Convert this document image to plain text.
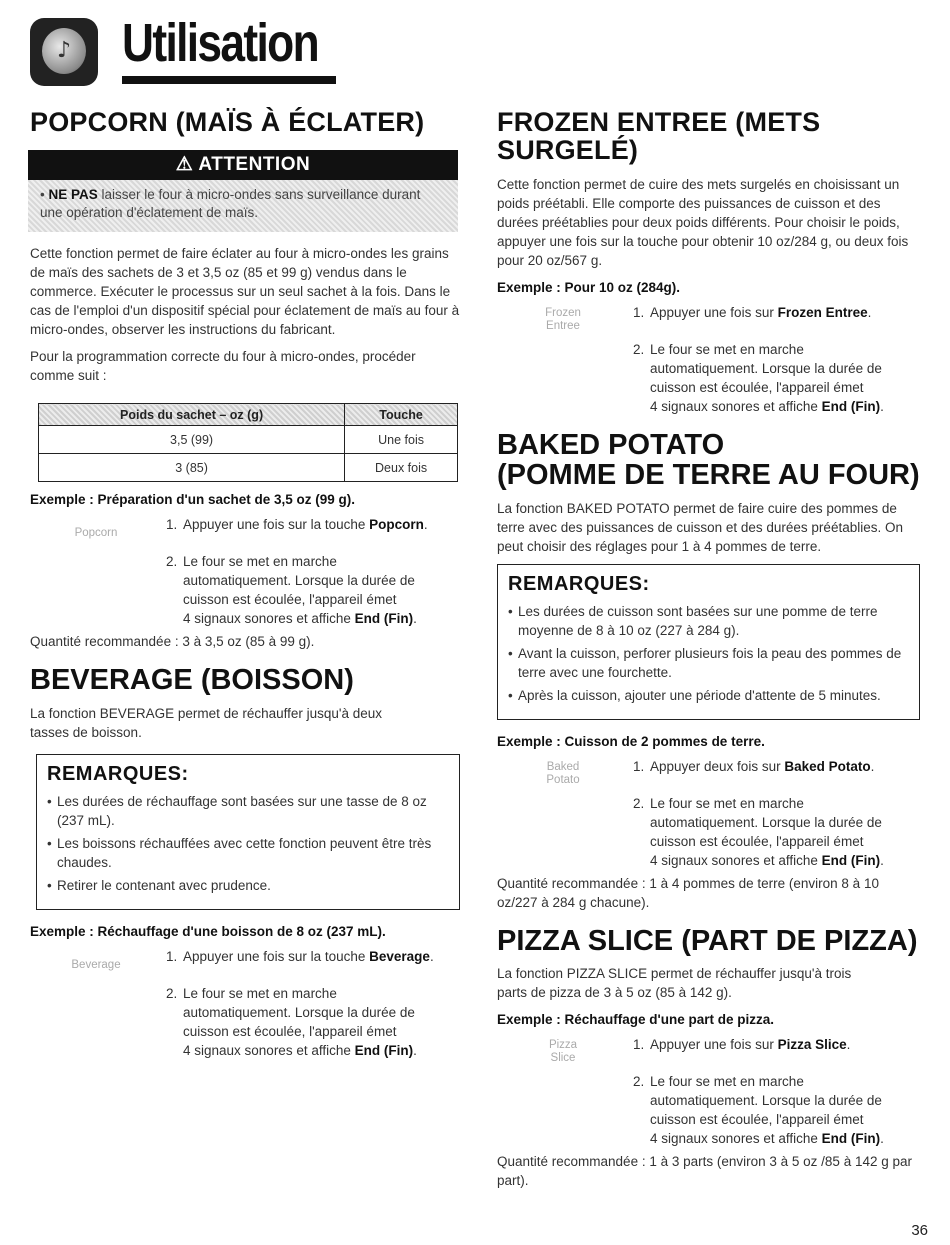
♪
Utilisation
POPCORN (MAÏS À ÉCLATER)
⚠ ATTENTION
• NE PAS laisser le four à micro-ondes sans surveillance durant une opération d'éclatement de maïs.

Cette fonction permet de faire éclater au four à micro-ondes les grains de maïs des sachets de 3 et 3,5 oz (85 et 99 g) vendus dans le commerce. Exécuter le processus sur un seul sachet à la fois. Dans le cas de l'emploi d'un dispositif spécial pour éclatement de maïs au four à micro-ondes, observer les instructions du fabricant.

Pour la programmation correcte du four à micro-ondes, procéder comme suit :

Poids du sachet – oz (g)	Touche
3,5 (99)	Une fois
3 (85)	Deux fois
Exemple : Préparation d'un sachet de 3,5 oz (99 g).
Popcorn
1. Appuyer une fois sur la touche Popcorn.
2. Le four se met en marche
automatiquement. Lorsque la durée de
cuisson est écoulée, l'appareil émet
4 signaux sonores et affiche End (Fin).

Quantité recommandée : 3 à 3,5 oz (85 à 99 g).

BEVERAGE (BOISSON)

La fonction BEVERAGE permet de réchauffer jusqu'à deux tasses de boisson.

REMARQUES:
• Les durées de réchauffage sont basées sur une tasse de 8 oz (237 mL).
• Les boissons réchauffées avec cette fonction peuvent être très chaudes.
• Retirer le contenant avec prudence.
Exemple : Réchauffage d'une boisson de 8 oz (237 mL).
Beverage
1. Appuyer une fois sur la touche Beverage.
2. Le four se met en marche
automatiquement. Lorsque la durée de
cuisson est écoulée, l'appareil émet
4 signaux sonores et affiche End (Fin).
FROZEN ENTREE (METS SURGELÉ)

Cette fonction permet de cuire des mets surgelés en choisissant un poids préétabli. Elle comporte des puissances de cuisson et des durées préétablies pour deux poids différents. Pour choisir le poids, appuyer une fois sur la touche pour obtenir 10 oz/284 g, ou deux fois pour 20 oz/567 g.

Exemple : Pour 10 oz (284g).
Frozen
Entree
1. Appuyer une fois sur Frozen Entree.
2. Le four se met en marche
automatiquement. Lorsque la durée de
cuisson est écoulée, l'appareil émet
4 signaux sonores et affiche End (Fin).
BAKED POTATO
(POMME DE TERRE AU FOUR)

La fonction BAKED POTATO permet de faire cuire des pommes de terre avec des puissances de cuisson et des durées préétablies. On peut choisir des réglages pour 1 à 4 pommes de terre.

REMARQUES:
• Les durées de cuisson sont basées sur une pomme de terre moyenne de 8 à 10 oz (227 à 284 g).
• Avant la cuisson, perforer plusieurs fois la peau des pommes de terre avec une fourchette.
• Après la cuisson, ajouter une période d'attente de 5 minutes.
Exemple : Cuisson de 2 pommes de terre.
Baked
Potato
1. Appuyer deux fois sur Baked Potato.
2. Le four se met en marche
automatiquement. Lorsque la durée de
cuisson est écoulée, l'appareil émet
4 signaux sonores et affiche End (Fin).

Quantité recommandée : 1 à 4 pommes de terre (environ 8 à 10 oz/227 à 284 g chacune).

PIZZA SLICE (PART DE PIZZA)

La fonction PIZZA SLICE permet de réchauffer jusqu'à trois parts de pizza de 3 à 5 oz (85 à 142 g).

Exemple : Réchauffage d'une part de pizza.
Pizza
Slice
1. Appuyer une fois sur Pizza Slice.
2. Le four se met en marche
automatiquement. Lorsque la durée de
cuisson est écoulée, l'appareil émet
4 signaux sonores et affiche End (Fin).

Quantité recommandée : 1 à 3 parts (environ 3 à 5 oz /85 à 142 g par part).

36
